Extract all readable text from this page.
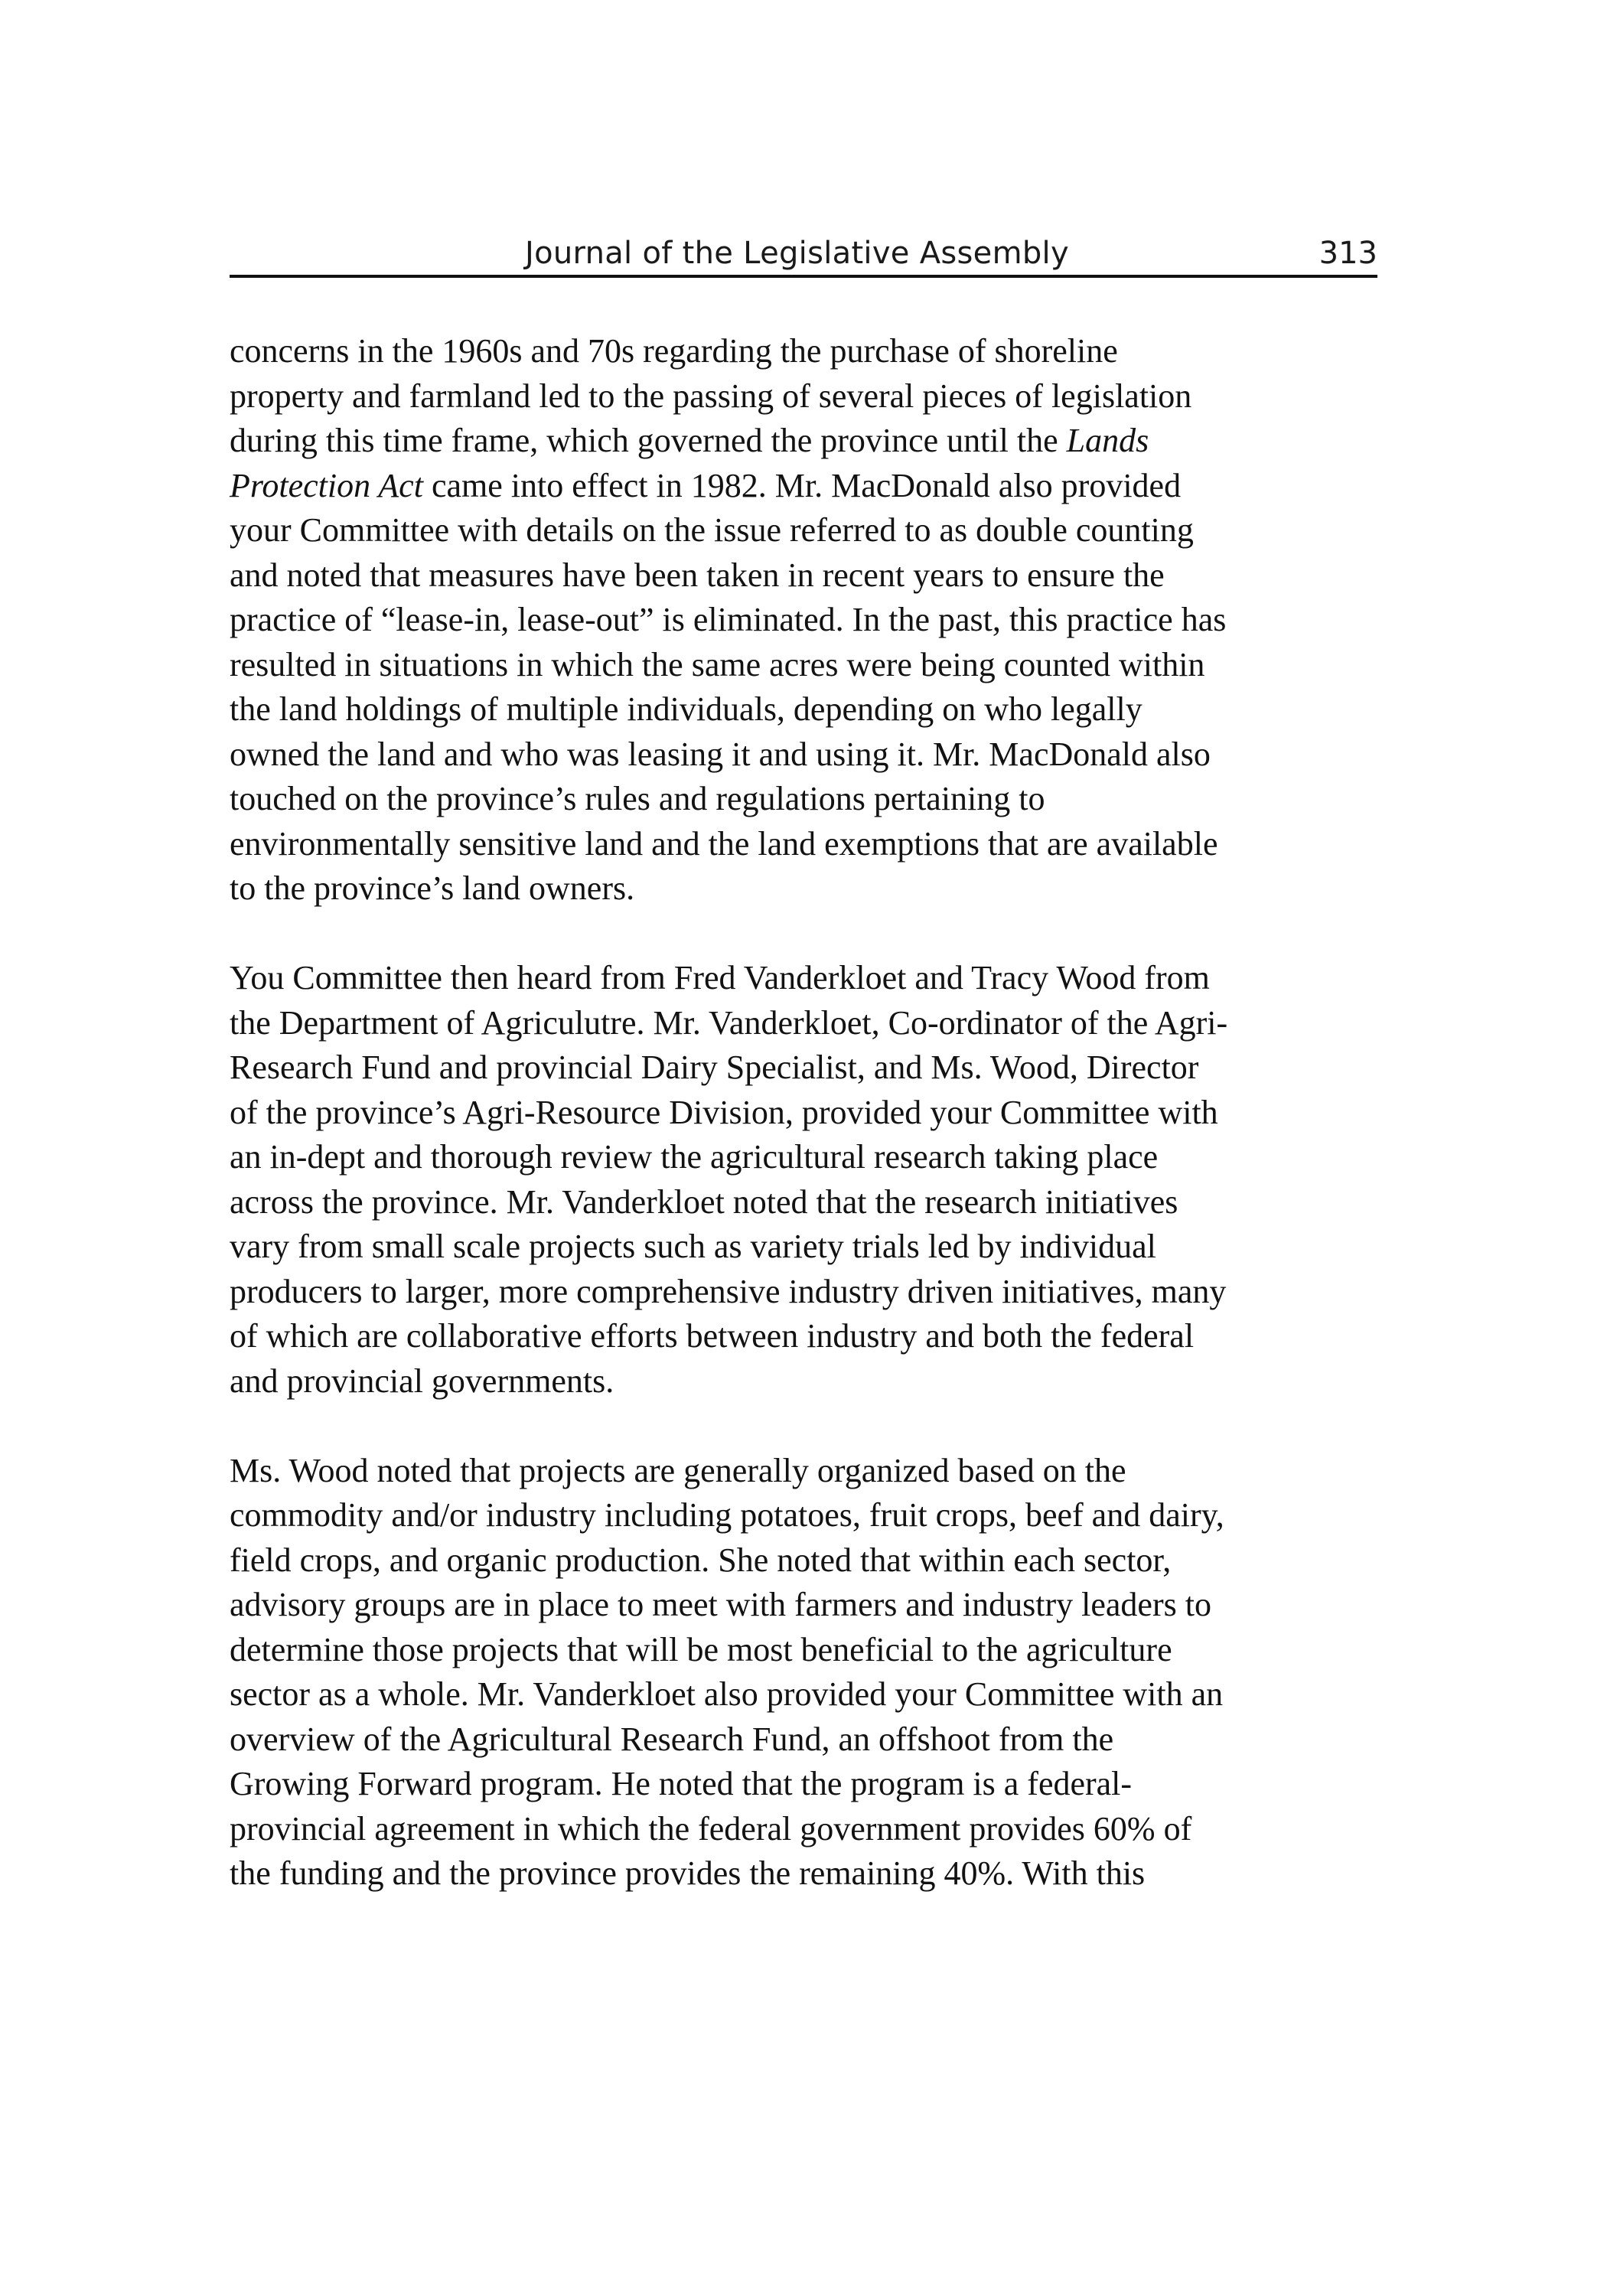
Journal of the Legislative Assembly	313

concerns in the 1960s and 70s regarding the purchase of shoreline
property and farmland led to the passing of several pieces of legislation
during this time frame, which governed the province until the Lands
Protection Act came into effect in 1982. Mr. MacDonald also provided
your Committee with details on the issue referred to as double counting
and noted that measures have been taken in recent years to ensure the
practice of “lease-in, lease-out” is eliminated. In the past, this practice has
resulted in situations in which the same acres were being counted within
the land holdings of multiple individuals, depending on who legally
owned the land and who was leasing it and using it. Mr. MacDonald also
touched on the province’s rules and regulations pertaining to
environmentally sensitive land and the land exemptions that are available
to the province’s land owners.

You Committee then heard from Fred Vanderkloet and Tracy Wood from
the Department of Agriculutre. Mr. Vanderkloet, Co-ordinator of the Agri-
Research Fund and provincial Dairy Specialist, and Ms. Wood, Director
of the province’s Agri-Resource Division, provided your Committee with
an in-dept and thorough review the agricultural research taking place
across the province. Mr. Vanderkloet noted that the research initiatives
vary from small scale projects such as variety trials led by individual
producers to larger, more comprehensive industry driven initiatives, many
of which are collaborative efforts between industry and both the federal
and provincial governments.

Ms. Wood noted that projects are generally organized based on the
commodity and/or industry including potatoes, fruit crops, beef and dairy,
field crops, and organic production. She noted that within each sector,
advisory groups are in place to meet with farmers and industry leaders to
determine those projects that will be most beneficial to the agriculture
sector as a whole. Mr. Vanderkloet also provided your Committee with an
overview of the Agricultural Research Fund, an offshoot from the
Growing Forward program. He noted that the program is a federal-
provincial agreement in which the federal government provides 60% of
the funding and the province provides the remaining 40%. With this
